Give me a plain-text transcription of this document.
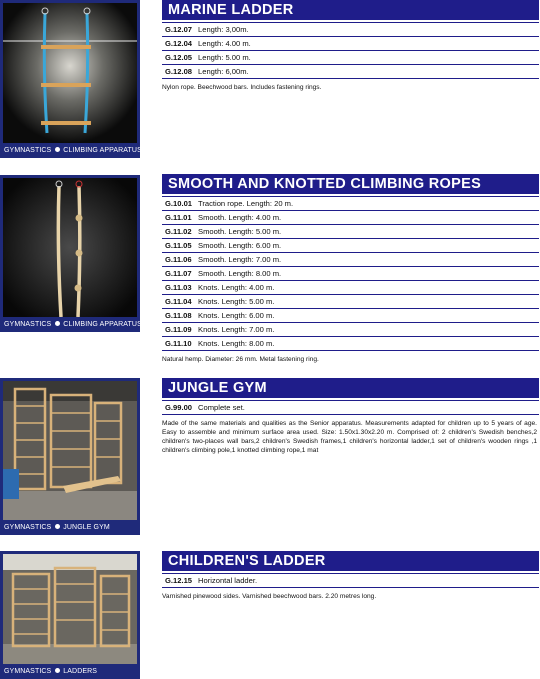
GYMNASTICS CLIMBING APPARATUS
MARINE LADDER
G.12.07 Length: 3,00m.
G.12.04 Length: 4.00 m.
G.12.05 Length: 5.00 m.
G.12.08 Length: 6,00m.
Nylon rope. Beechwood bars. Includes fastening rings.
GYMNASTICS CLIMBING APPARATUS
SMOOTH AND KNOTTED CLIMBING ROPES
G.10.01 Traction rope. Length: 20 m.
G.11.01 Smooth. Length: 4.00 m.
G.11.02 Smooth. Length: 5.00 m.
G.11.05 Smooth. Length: 6.00 m.
G.11.06 Smooth. Length: 7.00 m.
G.11.07 Smooth. Length: 8.00 m.
G.11.03 Knots. Length: 4.00 m.
G.11.04 Knots. Length: 5.00 m.
G.11.08 Knots. Length: 6.00 m.
G.11.09 Knots. Length: 7.00 m.
G.11.10 Knots. Length: 8.00 m.
Natural hemp. Diameter: 26 mm. Metal fastening ring.
GYMNASTICS JUNGLE GYM
JUNGLE GYM
G.99.00 Complete set.
Made of the same materials and qualities as the Senior apparatus. Measurements adapted for children up to 5 years of age. Easy to assemble and minimum surface area used. Size: 1.50x1.30x2.20 m. Comprised of: 2 children's Swedish benches,2 children's two-places wall bars,2 children's Swedish frames,1 children's horizontal ladder,1 set of children's wooden rings ,1 children's climbing pole,1 knotted climbing rope,1 mat
GYMNASTICS LADDERS
CHILDREN'S LADDER
G.12.15 Horizontal ladder.
Varnished pinewood sides. Varnished beechwood bars. 2.20 metres long.
